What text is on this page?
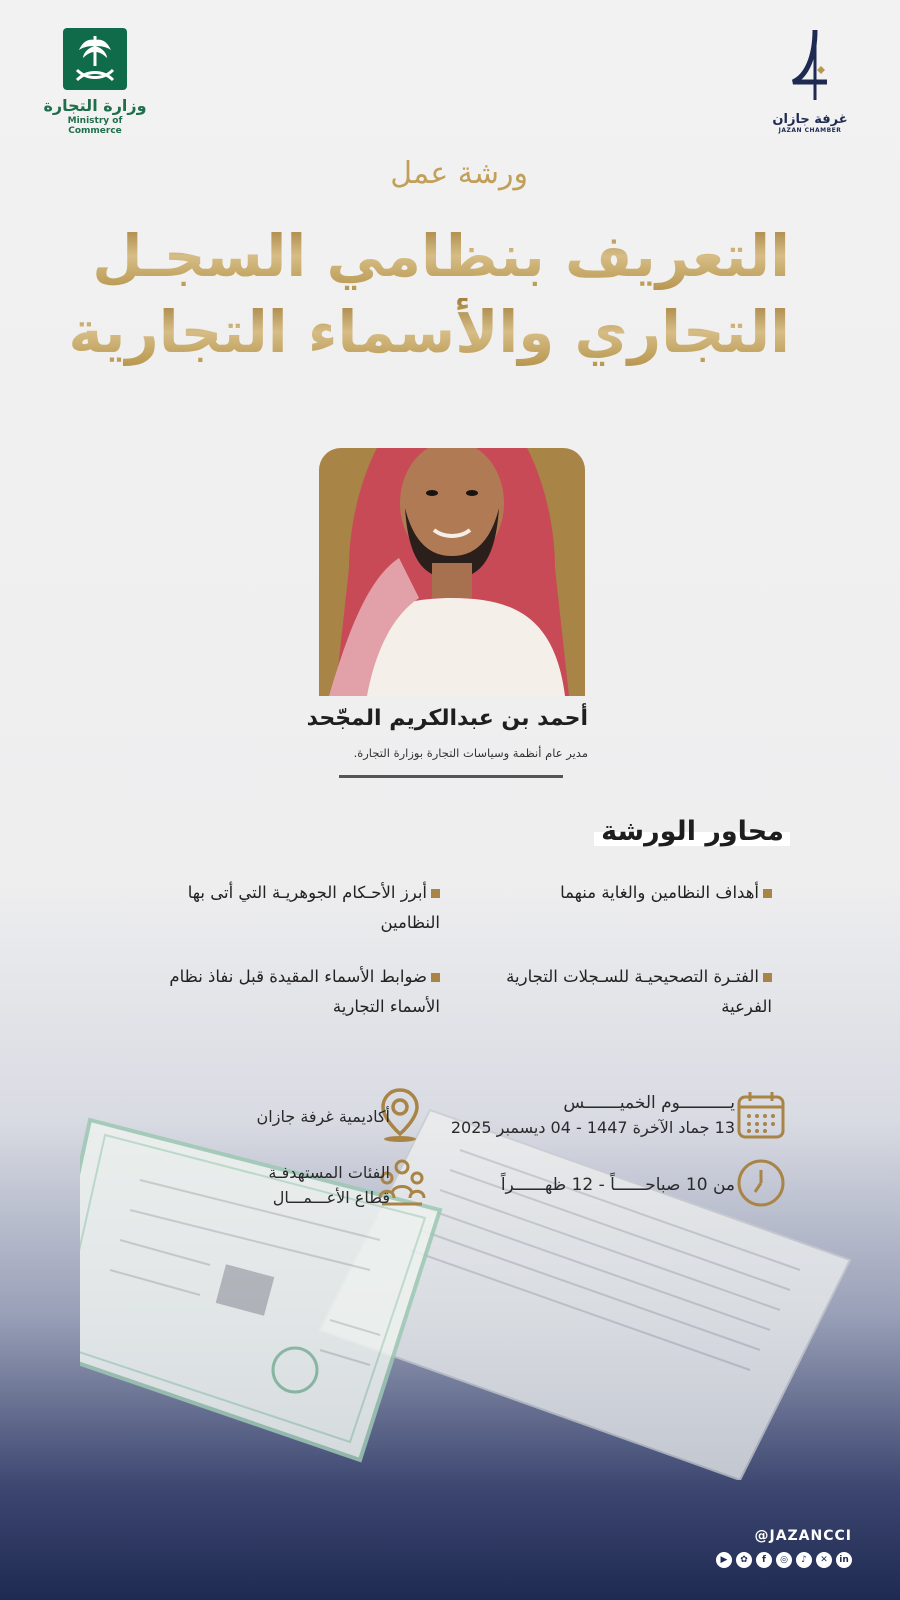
وزارة التجارة
Ministry of Commerce
غرفة جازان
JAZAN CHAMBER
ورشة عمل
التعريف بنظامي السجـل
التجاري والأسماء التجارية
أحمد بن عبدالكريم المجّحد
مدير عام أنظمة وسياسات التجارة بوزارة التجارة.
محاور الورشة
أهداف النظامين والغاية منهما
أبرز الأحـكام الجوهريـة التي أتى بها النظامين
الفتـرة التصحيحيـة للسـجلات التجارية الفرعية
ضوابط الأسماء المقيدة قبل نفاذ نظام الأسماء التجارية
يــــــــــوم الخميـــــــس
13 جماد الآخرة 1447 - 04 ديسمبر 2025
من 10 صباحــــــاً - 12 ظهــــــراً
أكاديمية غرفة جازان
الفئات المستهدفـة
قطاع الأعـــمـــال
@JAZANCCI
▶	✿	f	◎	♪	✕	in
